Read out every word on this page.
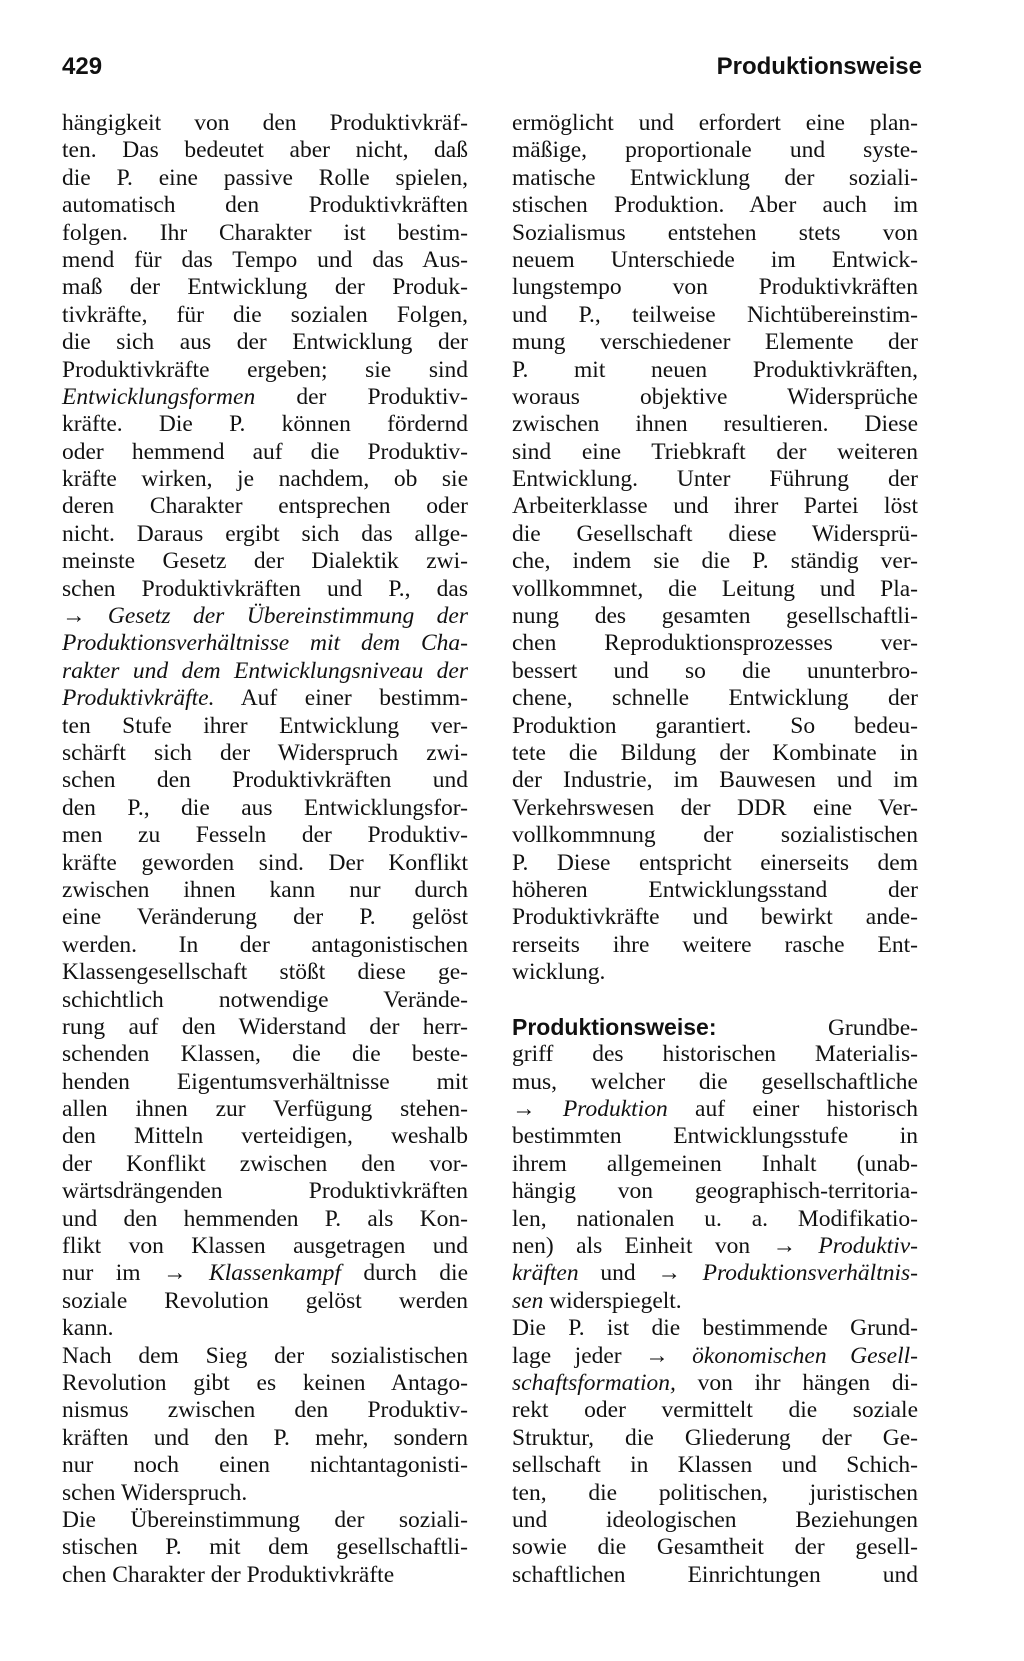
429	Produktionsweise
hängigkeit von den Produktivkräf-
ten. Das bedeutet aber nicht, daß
die P. eine passive Rolle spielen,
automatisch den Produktivkräften
folgen. Ihr Charakter ist bestim-
mend für das Tempo und das Aus-
maß der Entwicklung der Produk-
tivkräfte, für die sozialen Folgen,
die sich aus der Entwicklung der
Produktivkräfte ergeben; sie sind
Entwicklungsformen der Produktiv-
kräfte. Die P. können fördernd
oder hemmend auf die Produktiv-
kräfte wirken, je nachdem, ob sie
deren Charakter entsprechen oder
nicht. Daraus ergibt sich das allge-
meinste Gesetz der Dialektik zwi-
schen Produktivkräften und P., das
→ Gesetz der Übereinstimmung der
Produktionsverhältnisse mit dem Cha-
rakter und dem Entwicklungsniveau der
Produktivkräfte. Auf einer bestimm-
ten Stufe ihrer Entwicklung ver-
schärft sich der Widerspruch zwi-
schen den Produktivkräften und
den P., die aus Entwicklungsfor-
men zu Fesseln der Produktiv-
kräfte geworden sind. Der Konflikt
zwischen ihnen kann nur durch
eine Veränderung der P. gelöst
werden. In der antagonistischen
Klassengesellschaft stößt diese ge-
schichtlich notwendige Verände-
rung auf den Widerstand der herr-
schenden Klassen, die die beste-
henden Eigentumsverhältnisse mit
allen ihnen zur Verfügung stehen-
den Mitteln verteidigen, weshalb
der Konflikt zwischen den vor-
wärtsdrängenden Produktivkräften
und den hemmenden P. als Kon-
flikt von Klassen ausgetragen und
nur im → Klassenkampf durch die
soziale Revolution gelöst werden
kann.
Nach dem Sieg der sozialistischen
Revolution gibt es keinen Antago-
nismus zwischen den Produktiv-
kräften und den P. mehr, sondern
nur noch einen nichtantagonisti-
schen Widerspruch.
Die Übereinstimmung der soziali-
stischen P. mit dem gesellschaftli-
chen Charakter der Produktivkräfte
ermöglicht und erfordert eine plan-
mäßige, proportionale und syste-
matische Entwicklung der soziali-
stischen Produktion. Aber auch im
Sozialismus entstehen stets von
neuem Unterschiede im Entwick-
lungstempo von Produktivkräften
und P., teilweise Nichtübereinstim-
mung verschiedener Elemente der
P. mit neuen Produktivkräften,
woraus objektive Widersprüche
zwischen ihnen resultieren. Diese
sind eine Triebkraft der weiteren
Entwicklung. Unter Führung der
Arbeiterklasse und ihrer Partei löst
die Gesellschaft diese Widersprü-
che, indem sie die P. ständig ver-
vollkommnet, die Leitung und Pla-
nung des gesamten gesellschaftli-
chen Reproduktionsprozesses ver-
bessert und so die ununterbro-
chene, schnelle Entwicklung der
Produktion garantiert. So bedeu-
tete die Bildung der Kombinate in
der Industrie, im Bauwesen und im
Verkehrswesen der DDR eine Ver-
vollkommnung der sozialistischen
P. Diese entspricht einerseits dem
höheren Entwicklungsstand der
Produktivkräfte und bewirkt ande-
rerseits ihre weitere rasche Ent-
wicklung.
Produktionsweise:	Grundbe-
griff des historischen Materialis-
mus, welcher die gesellschaftliche
→ Produktion auf einer historisch
bestimmten Entwicklungsstufe in
ihrem allgemeinen Inhalt (unab-
hängig von geographisch-territoria-
len, nationalen u. a. Modifikatio-
nen) als Einheit von → Produktiv-
kräften und → Produktionsverhältnis-
sen widerspiegelt.
Die P. ist die bestimmende Grund-
lage jeder → ökonomischen Gesell-
schaftsformation, von ihr hängen di-
rekt oder vermittelt die soziale
Struktur, die Gliederung der Ge-
sellschaft in Klassen und Schich-
ten, die politischen, juristischen
und ideologischen Beziehungen
sowie die Gesamtheit der gesell-
schaftlichen Einrichtungen und
